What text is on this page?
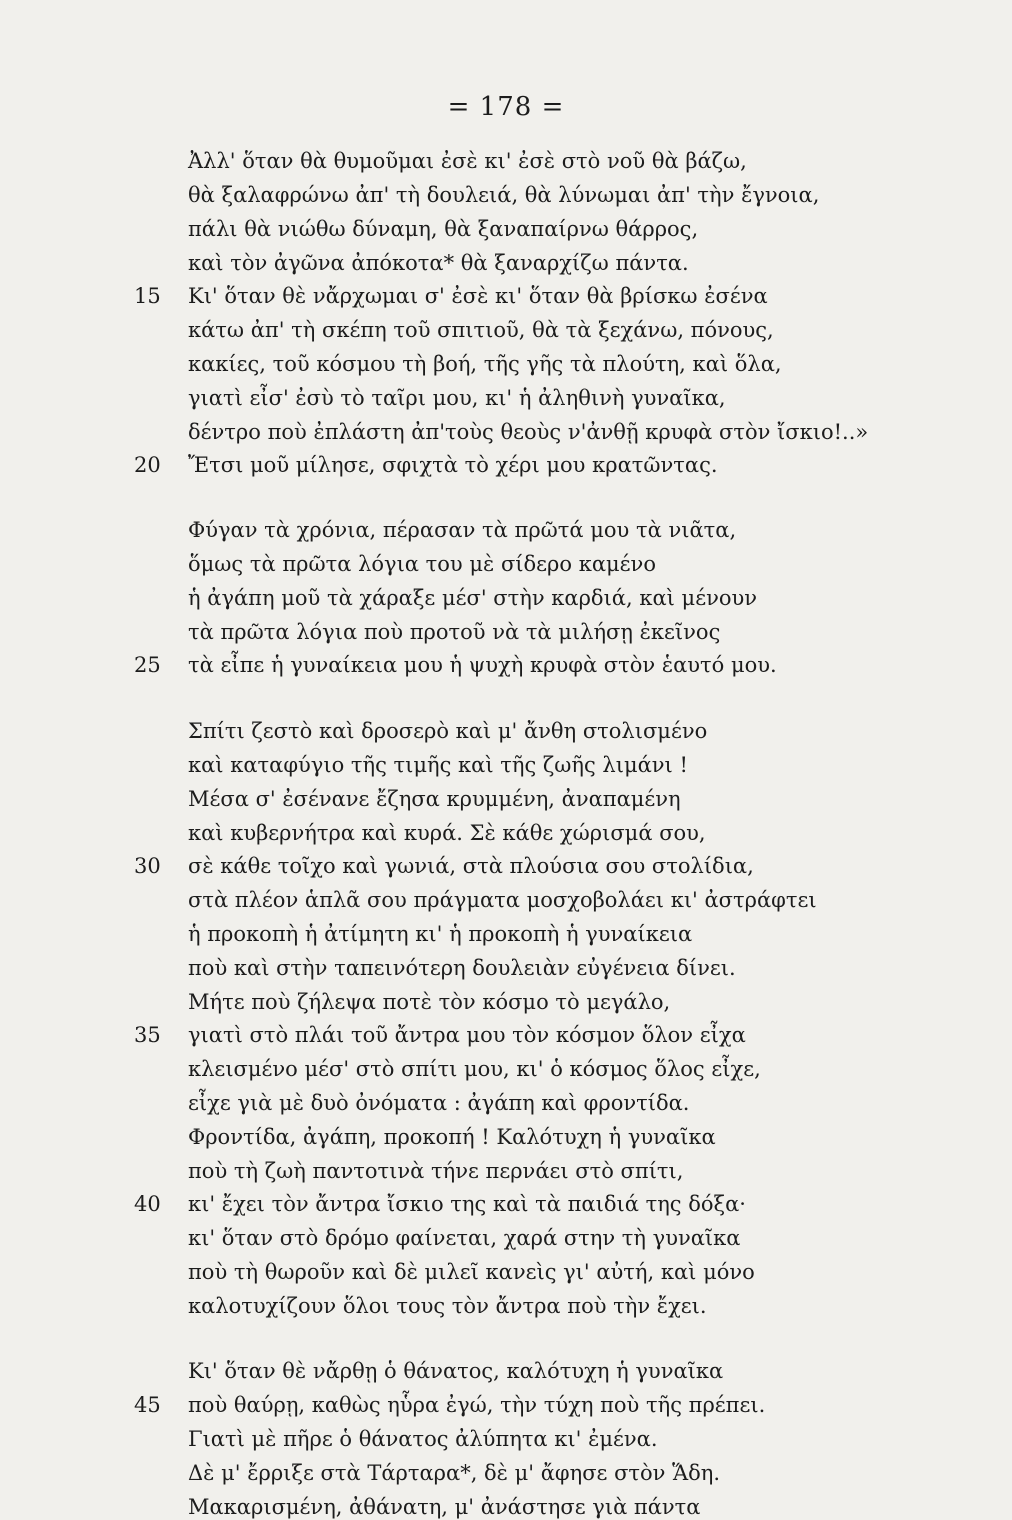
= 178 =
Ἀλλ' ὅταν θὰ θυμοῦμαι ἐσὲ κι' ἐσὲ στὸ νοῦ θὰ βάζω,
θὰ ξαλαφρώνω ἀπ' τὴ δουλειά, θὰ λύνωμαι ἀπ' τὴν ἔγνοια,
πάλι θὰ νιώθω δύναμη, θὰ ξαναπαίρνω θάρρος,
καὶ τὸν ἀγῶνα ἀπόκοτα* θὰ ξαναρχίζω πάντα.
15 Κι' ὅταν θὲ νἄρχωμαι σ' ἐσὲ κι' ὅταν θὰ βρίσκω ἐσένα
κάτω ἀπ' τὴ σκέπη τοῦ σπιτιοῦ, θὰ τὰ ξεχάνω, πόνους,
κακίες, τοῦ κόσμου τὴ βοή, τῆς γῆς τὰ πλούτη, καὶ ὅλα,
γιατὶ εἶσ' ἐσὺ τὸ ταῖρι μου, κι' ἡ ἀληθινὴ γυναῖκα,
δέντρο ποὺ ἐπλάστη ἀπ'τοὺς θεοὺς ν'ἀνθῇ κρυφὰ στὸν ἴσκιο!..»
20 Ἔτσι μοῦ μίλησε, σφιχτὰ τὸ χέρι μου κρατῶντας.
Φύγαν τὰ χρόνια, πέρασαν τὰ πρῶτά μου τὰ νιᾶτα,
ὅμως τὰ πρῶτα λόγια του μὲ σίδερο καμένο
ἡ ἀγάπη μοῦ τὰ χάραξε μέσ' στὴν καρδιά, καὶ μένουν
τὰ πρῶτα λόγια ποὺ προτοῦ νὰ τὰ μιλήσῃ ἐκεῖνος
25 τὰ εἶπε ἡ γυναίκεια μου ἡ ψυχὴ κρυφὰ στὸν ἑαυτό μου.
Σπίτι ζεστὸ καὶ δροσερὸ καὶ μ' ἄνθη στολισμένο
καὶ καταφύγιο τῆς τιμῆς καὶ τῆς ζωῆς λιμάνι !
Μέσα σ' ἐσένανε ἔζησα κρυμμένη, ἀναπαμένη
καὶ κυβερνήτρα καὶ κυρά. Σὲ κάθε χώρισμά σου,
30 σὲ κάθε τοῖχο καὶ γωνιά, στὰ πλούσια σου στολίδια,
στὰ πλέον ἁπλᾶ σου πράγματα μοσχοβολάει κι' ἀστράφτει
ἡ προκοπὴ ἡ ἀτίμητη κι' ἡ προκοπὴ ἡ γυναίκεια
ποὺ καὶ στὴν ταπεινότερη δουλειὰν εὐγένεια δίνει.
Μήτε ποὺ ζήλεψα ποτὲ τὸν κόσμο τὸ μεγάλο,
35 γιατὶ στὸ πλάι τοῦ ἄντρα μου τὸν κόσμον ὅλον εἶχα
κλεισμένο μέσ' στὸ σπίτι μου, κι' ὁ κόσμος ὅλος εἶχε,
εἶχε γιὰ μὲ δυὸ ὀνόματα : ἀγάπη καὶ φροντίδα.
Φροντίδα, ἀγάπη, προκοπή ! Καλότυχη ἡ γυναῖκα
ποὺ τὴ ζωὴ παντοτινὰ τήνε περνάει στὸ σπίτι,
40 κι' ἔχει τὸν ἄντρα ἴσκιο της καὶ τὰ παιδιά της δόξα·
κι' ὅταν στὸ δρόμο φαίνεται, χαρά στην τὴ γυναῖκα
ποὺ τὴ θωροῦν καὶ δὲ μιλεῖ κανεὶς γι' αὐτή, καὶ μόνο
καλοτυχίζουν ὅλοι τους τὸν ἄντρα ποὺ τὴν ἔχει.
Κι' ὅταν θὲ νἄρθῃ ὁ θάνατος, καλότυχη ἡ γυναῖκα
45 ποὺ θαύρῃ, καθὼς ηὗρα ἐγώ, τὴν τύχη ποὺ τῆς πρέπει.
Γιατὶ μὲ πῆρε ὁ θάνατος ἀλύπητα κι' ἐμένα.
Δὲ μ' ἔρριξε στὰ Τάρταρα*, δὲ μ' ἄφησε στὸν Ἅδη.
Μακαρισμένη, ἀθάνατη, μ' ἀνάστησε γιὰ πάντα
